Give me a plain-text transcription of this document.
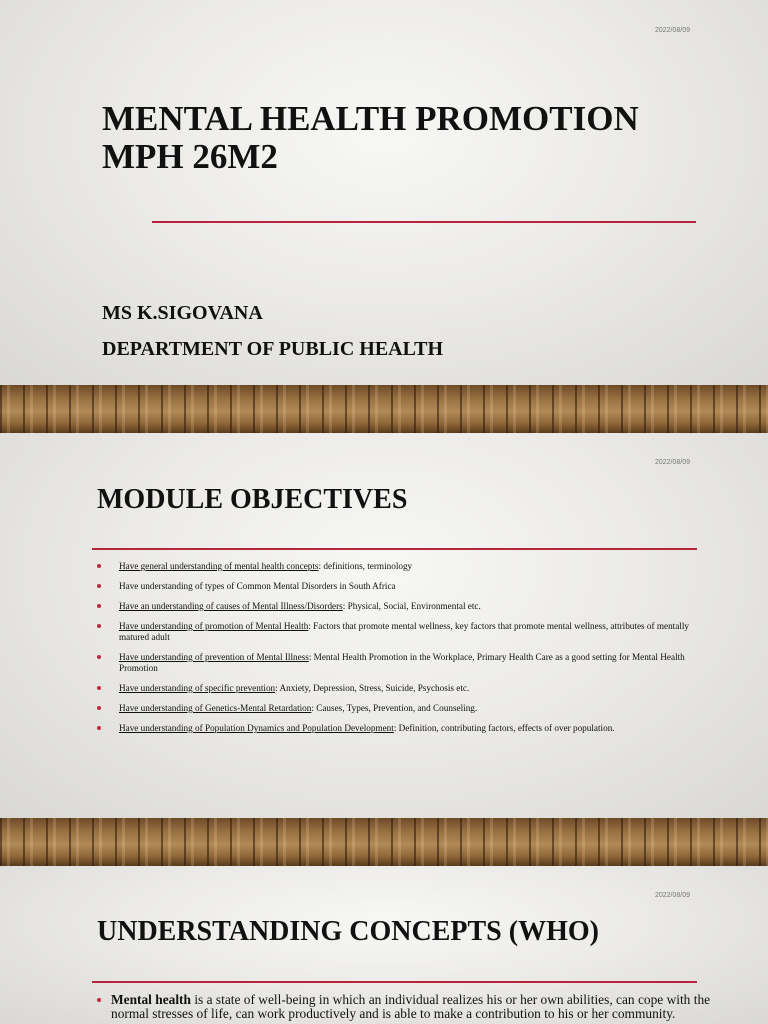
2022/08/09
MENTAL HEALTH PROMOTION
MPH 26M2

MS K.SIGOVANA

DEPARTMENT OF PUBLIC HEALTH

2022/08/09
MODULE OBJECTIVES
Have general understanding of mental health concepts: definitions, terminology
Have understanding of types of Common Mental Disorders in South Africa
Have an understanding of causes of Mental Illness/Disorders: Physical, Social, Environmental etc.
Have understanding of promotion of Mental Health: Factors that promote mental wellness, key factors that promote mental wellness, attributes of mentally matured adult
Have understanding of prevention of Mental Illness: Mental Health Promotion in the Workplace, Primary Health Care as a good setting for Mental Health Promotion
Have understanding of specific prevention: Anxiety, Depression, Stress, Suicide, Psychosis etc.
Have understanding of Genetics-Mental Retardation: Causes, Types, Prevention, and Counseling.
Have understanding of Population Dynamics and Population Development: Definition, contributing factors, effects of over population.
2022/08/09
UNDERSTANDING CONCEPTS (WHO)
Mental health is a state of well-being in which an individual realizes his or her own abilities, can cope with the normal stresses of life, can work productively and is able to make a contribution to his or her community.
